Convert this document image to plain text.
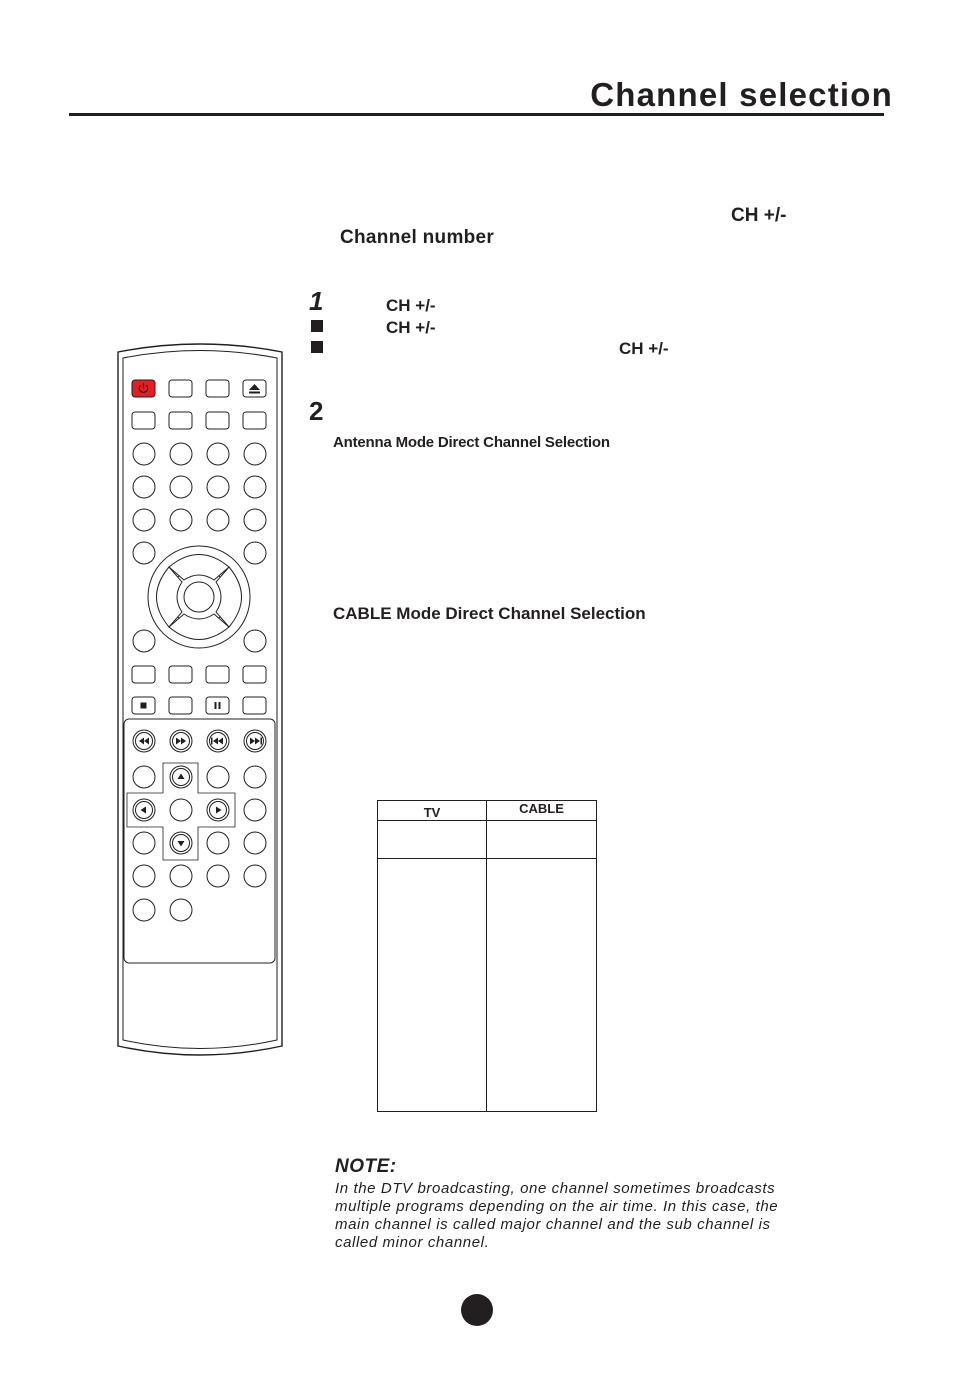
Channel selection
CH +/-
Channel number
1	CH +/-
CH +/-
CH +/-
2
Antenna Mode Direct Channel Selection
CABLE Mode Direct Channel Selection
TV	CABLE

NOTE:
In the DTV broadcasting, one channel sometimes broadcasts
multiple programs depending on the air time. In this case, the
main channel is called major channel and the sub channel is
called minor channel.
